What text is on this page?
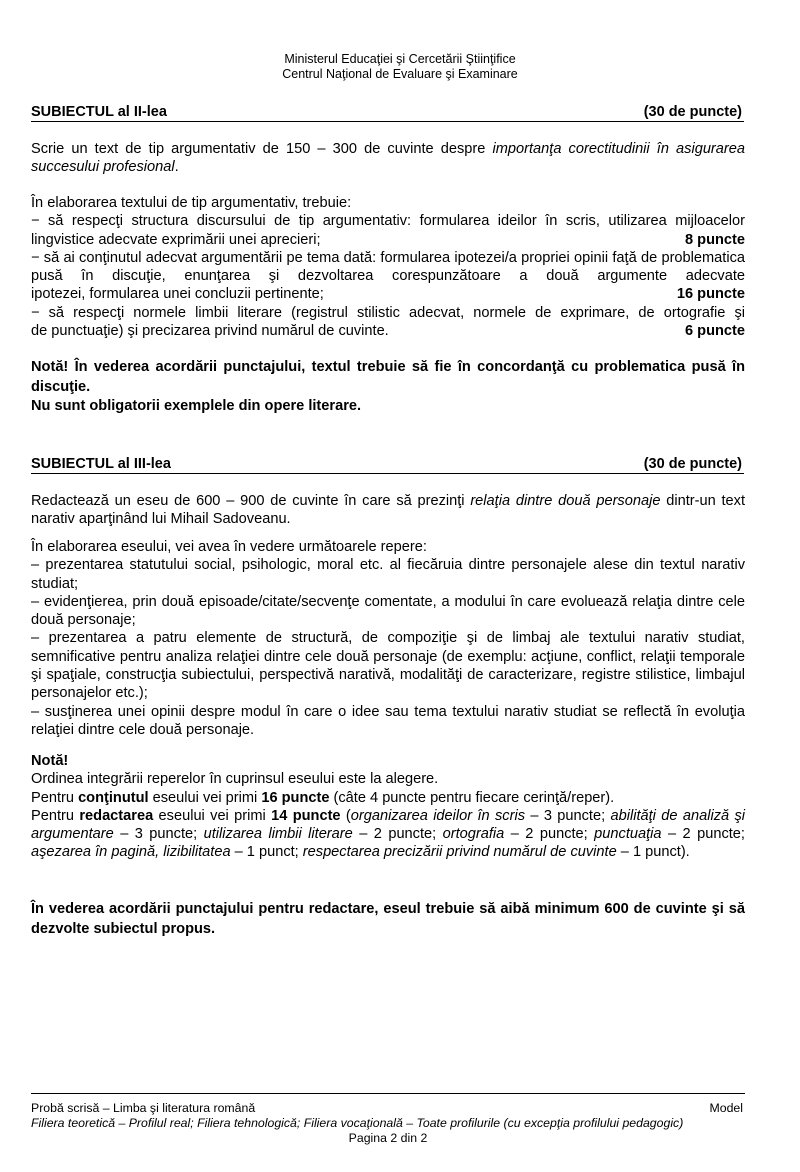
Ministerul Educaţiei şi Cercetării Ştiinţifice
Centrul Naţional de Evaluare şi Examinare
SUBIECTUL al II-lea	(30 de puncte)
Scrie un text de tip argumentativ de 150 – 300 de cuvinte despre importanţa corectitudinii în asigurarea succesului profesional.
În elaborarea textului de tip argumentativ, trebuie:
− să respecţi structura discursului de tip argumentativ: formularea ideilor în scris, utilizarea mijloacelor
lingvistice adecvate exprimării unei aprecieri;	8 puncte
− să ai conţinutul adecvat argumentării pe tema dată: formularea ipotezei/a propriei opinii faţă de problematica pusă în discuţie, enunţarea şi dezvoltarea corespunzătoare a două argumente adecvate
ipotezei, formularea unei concluzii pertinente;	16 puncte
− să respecţi normele limbii literare (registrul stilistic adecvat, normele de exprimare, de ortografie şi
de punctuaţie) şi precizarea privind numărul de cuvinte.	6 puncte
Notă! În vederea acordării punctajului, textul trebuie să fie în concordanţă cu problematica pusă în discuţie.
Nu sunt obligatorii exemplele din opere literare.
SUBIECTUL al III-lea	(30 de puncte)
Redactează un eseu de 600 – 900 de cuvinte în care să prezinţi relaţia dintre două personaje dintr-un text narativ aparţinând lui Mihail Sadoveanu.
În elaborarea eseului, vei avea în vedere următoarele repere:
– prezentarea statutului social, psihologic, moral etc. al fiecăruia dintre personajele alese din textul narativ studiat;
– evidenţierea, prin două episoade/citate/secvenţe comentate, a modului în care evoluează relaţia dintre cele două personaje;
– prezentarea a patru elemente de structură, de compoziţie şi de limbaj ale textului narativ studiat, semnificative pentru analiza relaţiei dintre cele două personaje (de exemplu: acţiune, conflict, relaţii temporale şi spaţiale, construcţia subiectului, perspectivă narativă, modalităţi de caracterizare, registre stilistice, limbajul personajelor etc.);
– susţinerea unei opinii despre modul în care o idee sau tema textului narativ studiat se reflectă în evoluţia relaţiei dintre cele două personaje.
Notă!
Ordinea integrării reperelor în cuprinsul eseului este la alegere.
Pentru conţinutul eseului vei primi 16 puncte (câte 4 puncte pentru fiecare cerinţă/reper).
Pentru redactarea eseului vei primi 14 puncte (organizarea ideilor în scris – 3 puncte; abilităţi de analiză şi argumentare – 3 puncte; utilizarea limbii literare – 2 puncte; ortografia – 2 puncte; punctuaţia – 2 puncte; aşezarea în pagină, lizibilitatea – 1 punct; respectarea precizării privind numărul de cuvinte – 1 punct).
În vederea acordării punctajului pentru redactare, eseul trebuie să aibă minimum 600 de cuvinte şi să dezvolte subiectul propus.
Probă scrisă – Limba şi literatura română	Model
Filiera teoretică – Profilul real; Filiera tehnologică; Filiera vocaţională – Toate profilurile (cu excepţia profilului pedagogic)
Pagina 2 din 2
